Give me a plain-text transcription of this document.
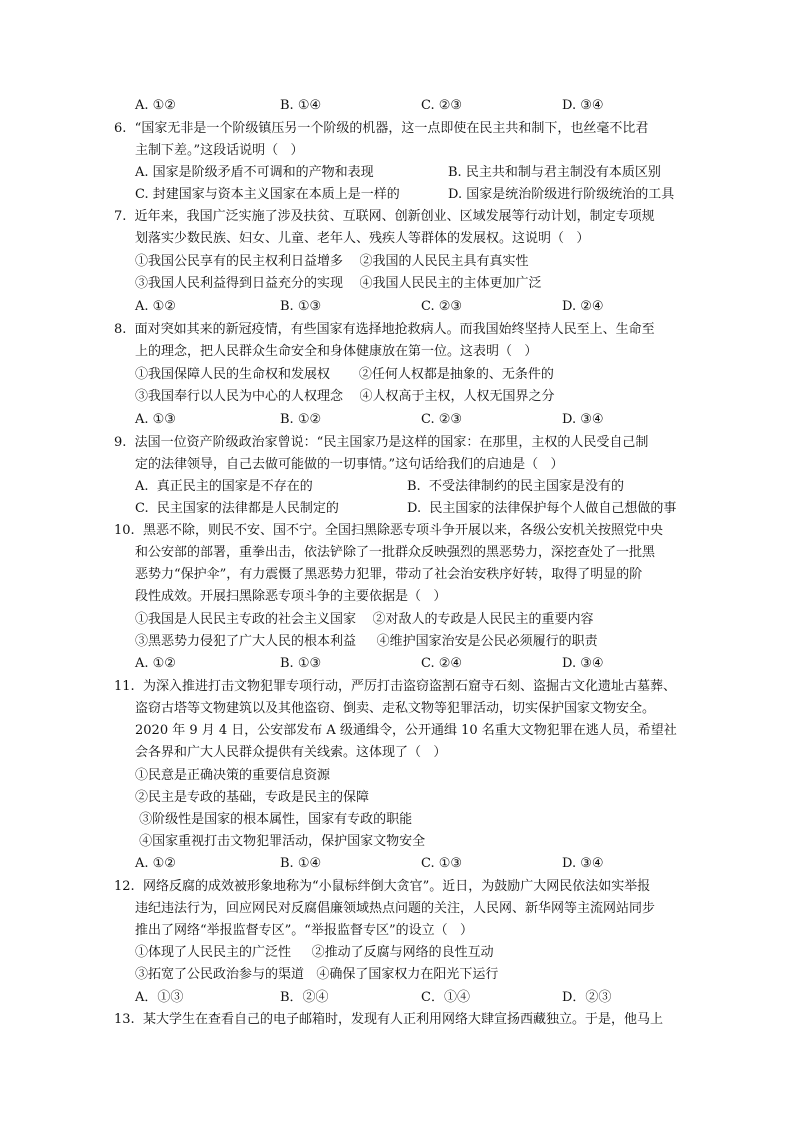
A. ①②	B. ①④	C. ②③	D. ③④
6.  “国家无非是一个阶级镇压另一个阶级的机器，这一点即使在民主共和制下，也丝毫不比君
主制下差。”这段话说明（   ）
A. 国家是阶级矛盾不可调和的产物和表现	B. 民主共和制与君主制没有本质区别
C. 封建国家与资本主义国家在本质上是一样的	D. 国家是统治阶级进行阶级统治的工具
7.  近年来，我国广泛实施了涉及扶贫、互联网、创新创业、区域发展等行动计划，制定专项规
划落实少数民族、妇女、儿童、老年人、残疾人等群体的发展权。这说明（   ）
①我国公民享有的民主权利日益增多    ②我国的人民民主具有真实性
③我国人民利益得到日益充分的实现    ④我国人民民主的主体更加广泛
A. ①②	B. ①③	C. ②③	D. ②④
8.  面对突如其来的新冠疫情，有些国家有选择地抢救病人。而我国始终坚持人民至上、生命至
上的理念，把人民群众生命安全和身体健康放在第一位。这表明（   ）
①我国保障人民的生命权和发展权       ②任何人权都是抽象的、无条件的
③我国奉行以人民为中心的人权理念    ④人权高于主权，人权无国界之分
A. ①③	B. ①②	C. ②③	D. ③④
9.  法国一位资产阶级政治家曾说：“民主国家乃是这样的国家：在那里，主权的人民受自己制
定的法律领导，自己去做可能做的一切事情。”这句话给我们的启迪是（   ）
A.  真正民主的国家是不存在的	B.  不受法律制约的民主国家是没有的
C.  民主国家的法律都是人民制定的	D.  民主国家的法律保护每个人做自己想做的事
10.  黑恶不除，则民不安、国不宁。全国扫黑除恶专项斗争开展以来，各级公安机关按照党中央
和公安部的部署，重拳出击，依法铲除了一批群众反映强烈的黑恶势力，深挖查处了一批黑
恶势力“保护伞”，有力震慑了黑恶势力犯罪，带动了社会治安秩序好转，取得了明显的阶
段性成效。开展扫黑除恶专项斗争的主要依据是（   ）
①我国是人民民主专政的社会主义国家    ②对敌人的专政是人民民主的重要内容
③黑恶势力侵犯了广大人民的根本利益     ④维护国家治安是公民必须履行的职责
A. ①②	B. ①③	C. ②④	D. ③④
11.  为深入推进打击文物犯罪专项行动，严厉打击盗窃盗割石窟寺石刻、盗掘古文化遗址古墓葬、
盗窃古塔等文物建筑以及其他盗窃、倒卖、走私文物等犯罪活动，切实保护国家文物安全。
2020 年 9 月 4 日，公安部发布 A 级通缉令，公开通缉 10 名重大文物犯罪在逃人员，希望社
会各界和广大人民群众提供有关线索。这体现了（   ）
①民意是正确决策的重要信息资源
②民主是专政的基础，专政是民主的保障
③阶级性是国家的根本属性，国家有专政的职能
④国家重视打击文物犯罪活动，保护国家文物安全
A. ①②	B. ①④	C. ①③	D. ③④
12.  网络反腐的成效被形象地称为“小鼠标绊倒大贪官”。近日，为鼓励广大网民依法如实举报
违纪违法行为，回应网民对反腐倡廉领域热点问题的关注，人民网、新华网等主流网站同步
推出了网络“举报监督专区”。“举报监督专区”的设立（   ）
①体现了人民民主的广泛性     ②推动了反腐与网络的良性互动
③拓宽了公民政治参与的渠道   ④确保了国家权力在阳光下运行
A．①③	B．②④	C．①④	D．②③
13.  某大学生在查看自己的电子邮箱时，发现有人正利用网络大肆宣扬西藏独立。于是，他马上
